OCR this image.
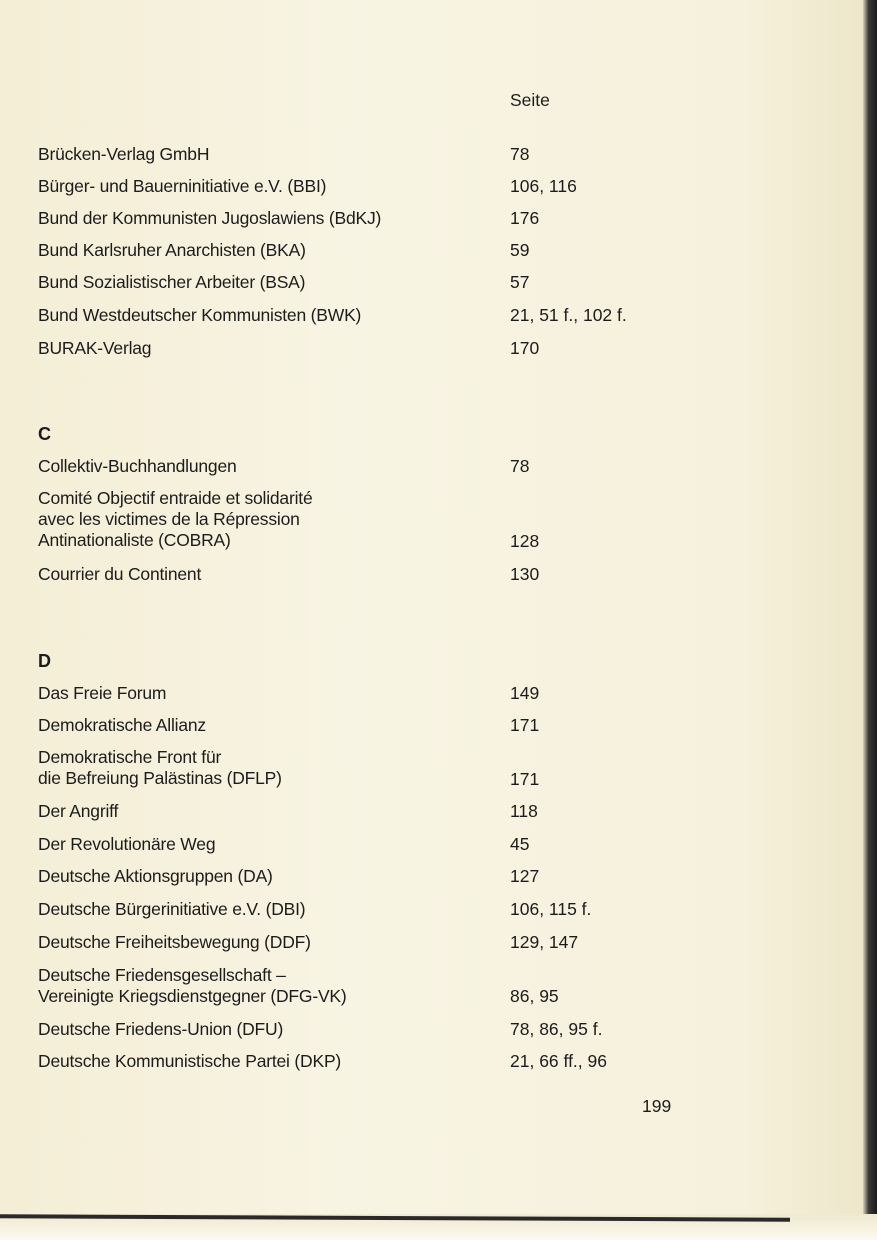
Seite
Brücken-Verlag GmbH	78
Bürger- und Bauerninitiative e.V. (BBI)	106, 116
Bund der Kommunisten Jugoslawiens (BdKJ)	176
Bund Karlsruher Anarchisten (BKA)	59
Bund Sozialistischer Arbeiter (BSA)	57
Bund Westdeutscher Kommunisten (BWK)	21, 51 f., 102 f.
BURAK-Verlag	170
C
Collektiv-Buchhandlungen	78
Comité Objectif entraide et solidarité
avec les victimes de la Répression
Antinationaliste (COBRA)	128
Courrier du Continent	130
D
Das Freie Forum	149
Demokratische Allianz	171
Demokratische Front für
die Befreiung Palästinas (DFLP)	171
Der Angriff	118
Der Revolutionäre Weg	45
Deutsche Aktionsgruppen (DA)	127
Deutsche Bürgerinitiative e.V. (DBI)	106, 115 f.
Deutsche Freiheitsbewegung (DDF)	129, 147
Deutsche Friedensgesellschaft –
Vereinigte Kriegsdienstgegner (DFG-VK)	86, 95
Deutsche Friedens-Union (DFU)	78, 86, 95 f.
Deutsche Kommunistische Partei (DKP)	21, 66 ff., 96
199
